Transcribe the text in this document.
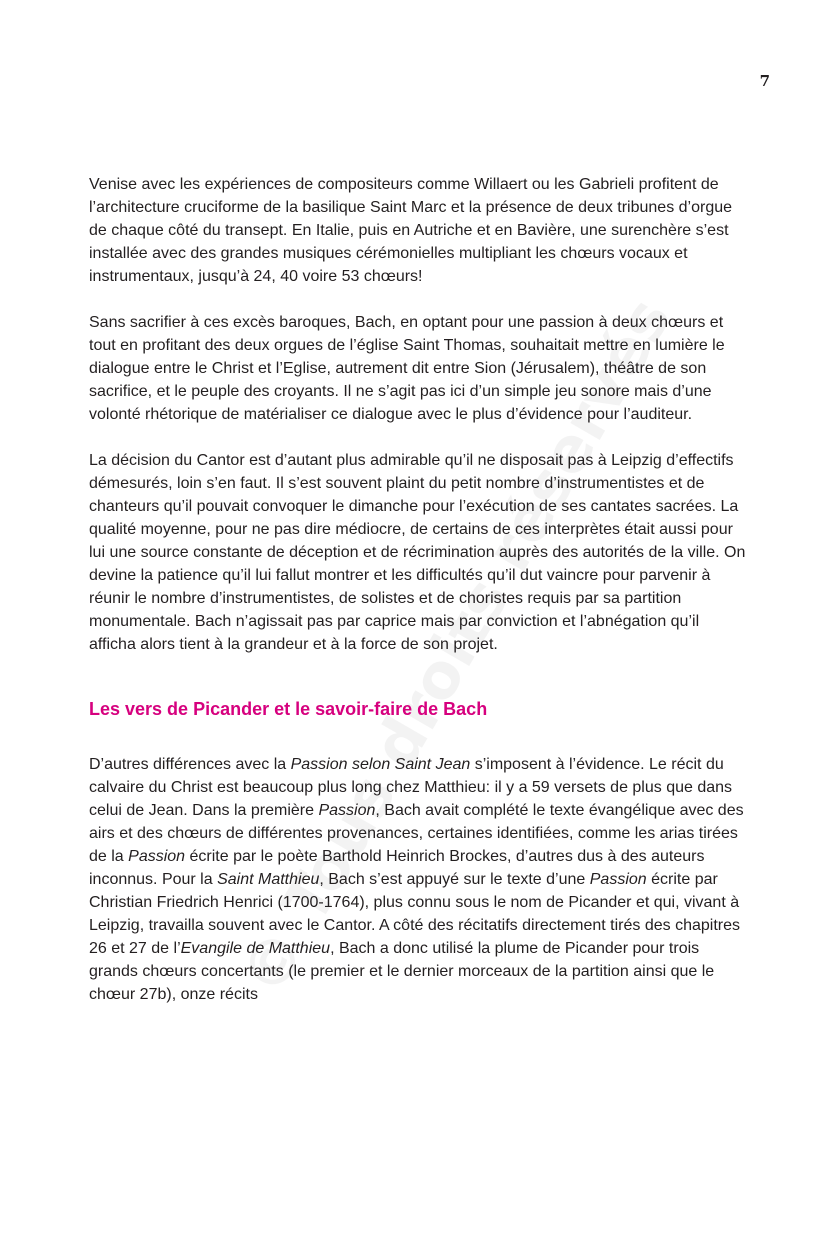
7

Venise avec les expériences de compositeurs comme Willaert ou les Gabrieli profitent de l’architecture cruciforme de la basilique Saint Marc et la présence de deux tribunes d’orgue de chaque côté du transept. En Italie, puis en Autriche et en Bavière, une surenchère s’est installée avec des grandes musiques cérémonielles multipliant les chœurs vocaux et instrumentaux, jusqu’à 24, 40 voire 53 chœurs!

Sans sacrifier à ces excès baroques, Bach, en optant pour une passion à deux chœurs et tout en profitant des deux orgues de l’église Saint Thomas, souhaitait mettre en lumière le dialogue entre le Christ et l’Eglise, autrement dit entre Sion (Jérusalem), théâtre de son sacrifice, et le peuple des croyants. Il ne s’agit pas ici d’un simple jeu sonore mais d’une volonté rhétorique de matérialiser ce dialogue avec le plus d’évidence pour l’auditeur.

La décision du Cantor est d’autant plus admirable qu’il ne disposait pas à Leipzig d’effectifs démesurés, loin s’en faut. Il s’est souvent plaint du petit nombre d’instrumentistes et de chanteurs qu’il pouvait convoquer le dimanche pour l’exécution de ses cantates sacrées. La qualité moyenne, pour ne pas dire médiocre, de certains de ces interprètes était aussi pour lui une source constante de déception et de récrimination auprès des autorités de la ville. On devine la patience qu’il lui fallut montrer et les difficultés qu’il dut vaincre pour parvenir à réunir le nombre d’instrumentistes, de solistes et de choristes requis par sa partition monumentale. Bach n’agissait pas par caprice mais par conviction et l’abnégation qu’il afficha alors tient à la grandeur et à la force de son projet.

Les vers de Picander et le savoir-faire de Bach

D’autres différences avec la Passion selon Saint Jean s’imposent à l’évidence. Le récit du calvaire du Christ est beaucoup plus long chez Matthieu: il y a 59 versets de plus que dans celui de Jean. Dans la première Passion, Bach avait complété le texte évangélique avec des airs et des chœurs de différentes provenances, certaines identifiées, comme les arias tirées de la Passion écrite par le poète Barthold Heinrich Brockes, d’autres dus à des auteurs inconnus. Pour la Saint Matthieu, Bach s’est appuyé sur le texte d’une Passion écrite par Christian Friedrich Henrici (1700-1764), plus connu sous le nom de Picander et qui, vivant à Leipzig, travailla souvent avec le Cantor. A côté des récitatifs directement tirés des chapitres 26 et 27 de l’Evangile de Matthieu, Bach a donc utilisé la plume de Picander pour trois grands chœurs concertants (le premier et le dernier morceaux de la partition ainsi que le chœur 27b), onze récits
